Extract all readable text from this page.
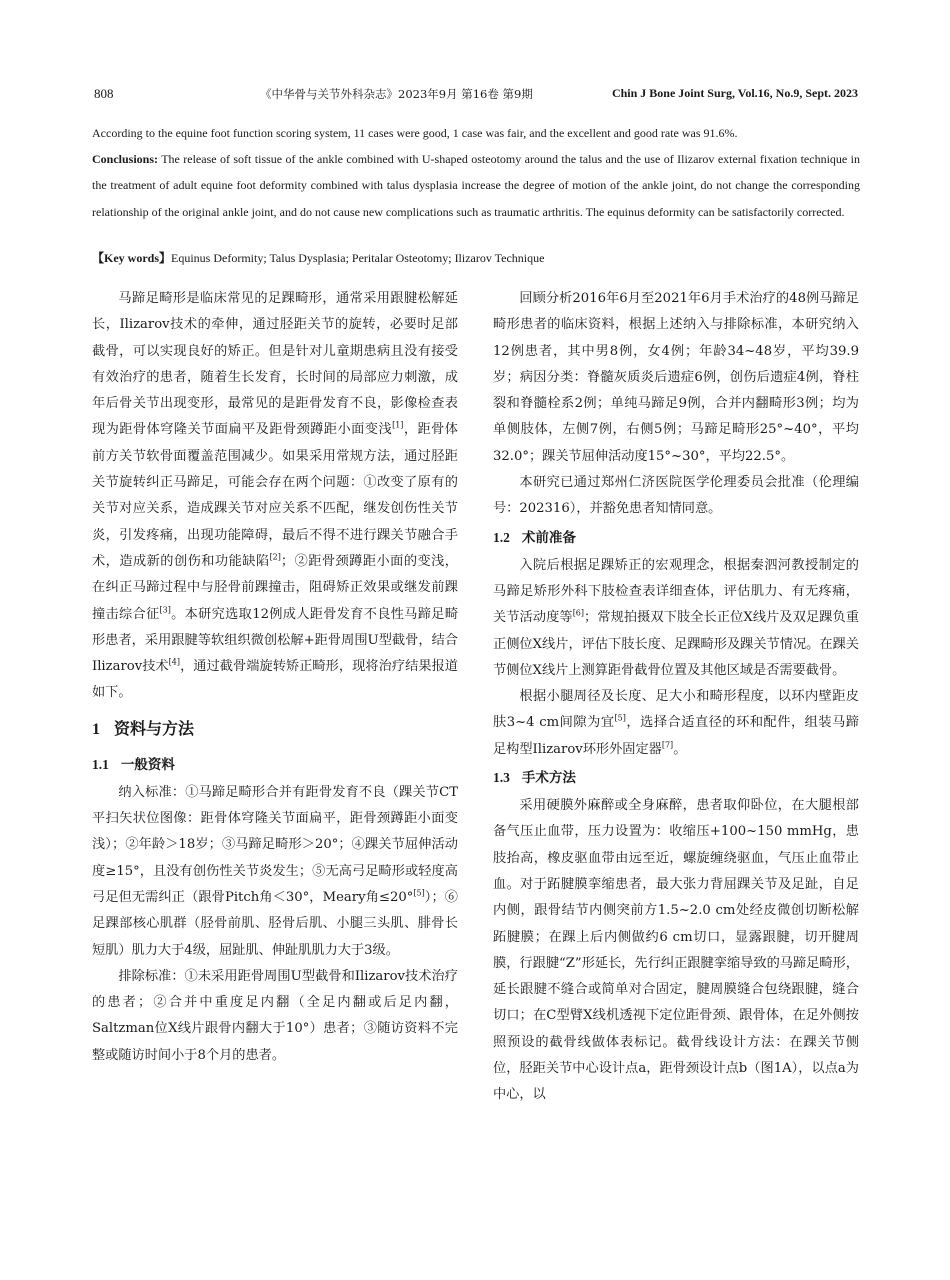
808	《中华骨与关节外科杂志》2023年9月 第16卷 第9期	Chin J Bone Joint Surg, Vol.16, No.9, Sept. 2023

According to the equine foot function scoring system, 11 cases were good, 1 case was fair, and the excellent and good rate was 91.6%.

Conclusions: The release of soft tissue of the ankle combined with U-shaped osteotomy around the talus and the use of Ilizarov external fixation technique in the treatment of adult equine foot deformity combined with talus dysplasia increase the degree of motion of the ankle joint, do not change the corresponding relationship of the original ankle joint, and do not cause new complications such as traumatic arthritis. The equinus deformity can be satisfactorily corrected.

【Key words】Equinus Deformity; Talus Dysplasia; Peritalar Osteotomy; Ilizarov Technique

马蹄足畸形是临床常见的足踝畸形，通常采用跟腱松解延长，Ilizarov技术的牵伸，通过胫距关节的旋转，必要时足部截骨，可以实现良好的矫正。但是针对儿童期患病且没有接受有效治疗的患者，随着生长发育，长时间的局部应力刺激，成年后骨关节出现变形，最常见的是距骨发育不良，影像检查表现为距骨体穹隆关节面扁平及距骨颈蹲距小面变浅[1]，距骨体前方关节软骨面覆盖范围减少。如果采用常规方法，通过胫距关节旋转纠正马蹄足，可能会存在两个问题：①改变了原有的关节对应关系，造成踝关节对应关系不匹配，继发创伤性关节炎，引发疼痛，出现功能障碍，最后不得不进行踝关节融合手术，造成新的创伤和功能缺陷[2]；②距骨颈蹲距小面的变浅，在纠正马蹄过程中与胫骨前踝撞击，阻碍矫正效果或继发前踝撞击综合征[3]。本研究选取12例成人距骨发育不良性马蹄足畸形患者，采用跟腱等软组织微创松解+距骨周围U型截骨，结合Ilizarov技术[4]，通过截骨端旋转矫正畸形，现将治疗结果报道如下。

1 资料与方法
1.1 一般资料

纳入标准：①马蹄足畸形合并有距骨发育不良（踝关节CT平扫矢状位图像：距骨体穹隆关节面扁平，距骨颈蹲距小面变浅）；②年龄＞18岁；③马蹄足畸形＞20°；④踝关节屈伸活动度≥15°，且没有创伤性关节炎发生；⑤无高弓足畸形或轻度高弓足但无需纠正（跟骨Pitch角＜30°，Meary角≤20°[5]）；⑥足踝部核心肌群（胫骨前肌、胫骨后肌、小腿三头肌、腓骨长短肌）肌力大于4级，屈趾肌、伸趾肌肌力大于3级。

排除标准：①未采用距骨周围U型截骨和Ilizarov技术治疗的患者；②合并中重度足内翻（全足内翻或后足内翻，Saltzman位X线片跟骨内翻大于10°）患者；③随访资料不完整或随访时间小于8个月的患者。

回顾分析2016年6月至2021年6月手术治疗的48例马蹄足畸形患者的临床资料，根据上述纳入与排除标准，本研究纳入12例患者，其中男8例，女4例；年龄34~48岁，平均39.9岁；病因分类：脊髓灰质炎后遗症6例，创伤后遗症4例，脊柱裂和脊髓栓系2例；单纯马蹄足9例，合并内翻畸形3例；均为单侧肢体，左侧7例，右侧5例；马蹄足畸形25°~40°，平均32.0°；踝关节屈伸活动度15°~30°，平均22.5°。

本研究已通过郑州仁济医院医学伦理委员会批准（伦理编号：202316），并豁免患者知情同意。

1.2 术前准备

入院后根据足踝矫正的宏观理念，根据秦泗河教授制定的马蹄足矫形外科下肢检查表详细查体，评估肌力、有无疼痛，关节活动度等[6]；常规拍摄双下肢全长正位X线片及双足踝负重正侧位X线片，评估下肢长度、足踝畸形及踝关节情况。在踝关节侧位X线片上测算距骨截骨位置及其他区域是否需要截骨。

根据小腿周径及长度、足大小和畸形程度，以环内壁距皮肤3~4 cm间隙为宜[5]，选择合适直径的环和配件，组装马蹄足构型Ilizarov环形外固定器[7]。

1.3 手术方法

采用硬膜外麻醉或全身麻醉，患者取仰卧位，在大腿根部备气压止血带，压力设置为：收缩压+100~150 mmHg，患肢抬高，橡皮驱血带由远至近，螺旋缠绕驱血，气压止血带止血。对于跖腱膜挛缩患者，最大张力背屈踝关节及足趾，自足内侧，跟骨结节内侧突前方1.5~2.0 cm处经皮微创切断松解跖腱膜；在踝上后内侧做约6 cm切口，显露跟腱，切开腱周膜，行跟腱“Z”形延长，先行纠正跟腱挛缩导致的马蹄足畸形，延长跟腱不缝合或简单对合固定，腱周膜缝合包绕跟腱，缝合切口；在C型臂X线机透视下定位距骨颈、跟骨体，在足外侧按照预设的截骨线做体表标记。截骨线设计方法：在踝关节侧位，胫距关节中心设计点a，距骨颈设计点b（图1A），以点a为中心，以
